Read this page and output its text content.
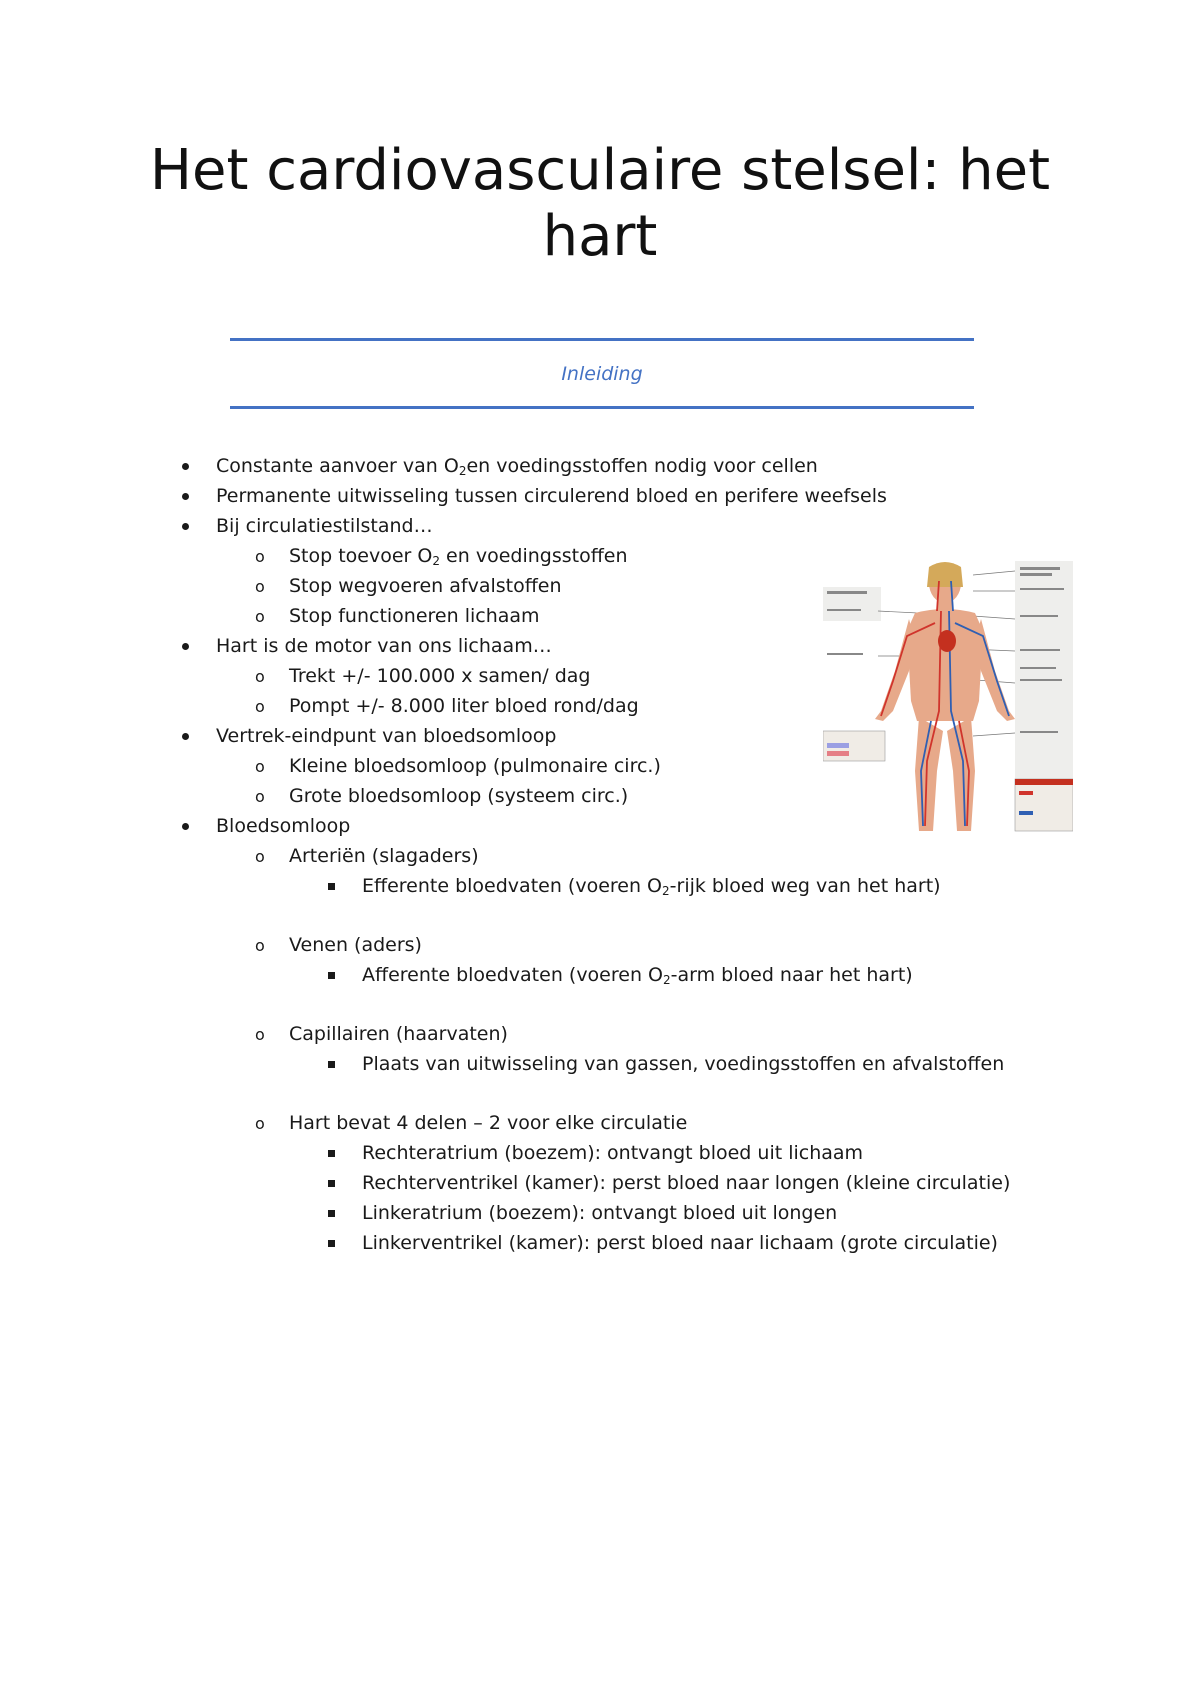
Het cardiovasculaire stelsel: het hart
Inleiding
Constante aanvoer van $O_2en$ voedingsstoffen nodig voor cellen
Permanente uitwisseling tussen circulerend bloed en perifere weefsels
Bij circulatiestilstand…
o Stop toevoer $O_2$ en voedingsstoffen
o Stop wegvoeren afvalstoffen
o Stop functioneren lichaam
Hart is de motor van ons lichaam…
o Trekt +/- 100.000 x samen/ dag
o Pompt +/- 8.000 liter bloed rond/dag
Vertrek-eindpunt van bloedsomloop
o Kleine bloedsomloop (pulmonaire circ.)
o Grote bloedsomloop (systeem circ.)
Bloedsomloop
o Arteriën (slagaders)
Efferente bloedvaten (voeren $O_2$-rijk bloed weg van het hart)
o Venen (aders)
Afferente bloedvaten (voeren $O_2$-arm bloed naar het hart)
o Capillairen (haarvaten)
Plaats van uitwisseling van gassen, voedingsstoffen en afvalstoffen
o Hart bevat 4 delen – 2 voor elke circulatie
Rechteratrium (boezem): ontvangt bloed uit lichaam
Rechterventrikel (kamer): perst bloed naar longen (kleine circulatie)
Linkeratrium (boezem): ontvangt bloed uit longen
Linkerventrikel (kamer): perst bloed naar lichaam (grote circulatie)
